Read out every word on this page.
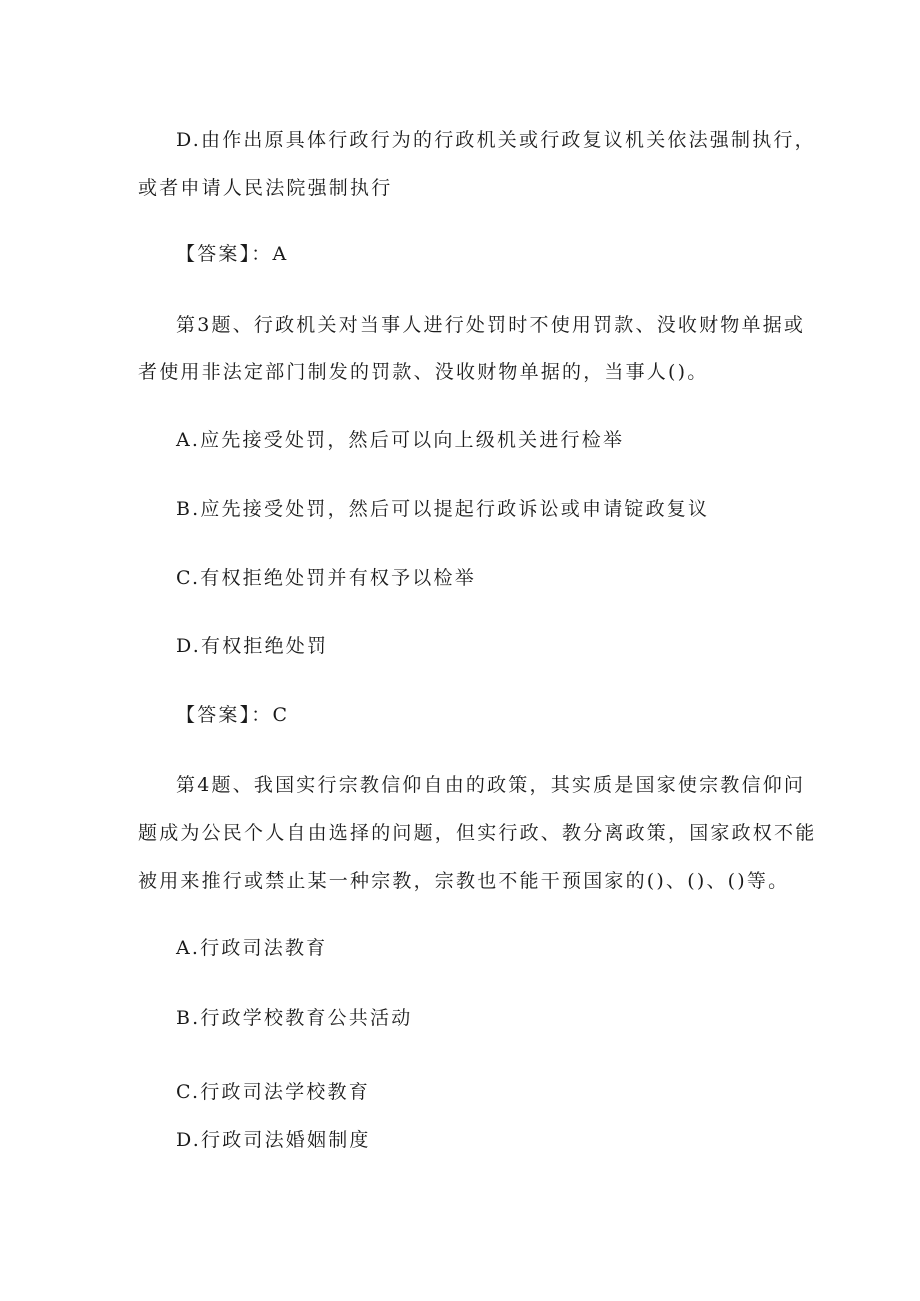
D.由作出原具体行政行为的行政机关或行政复议机关依法强制执行，
或者申请人民法院强制执行
【答案】：A
第3题、行政机关对当事人进行处罚时不使用罚款、没收财物单据或
者使用非法定部门制发的罚款、没收财物单据的，当事人()。
A.应先接受处罚，然后可以向上级机关进行检举
B.应先接受处罚，然后可以提起行政诉讼或申请锭政复议
C.有权拒绝处罚并有权予以检举
D.有权拒绝处罚
【答案】：C
第4题、我国实行宗教信仰自由的政策，其实质是国家使宗教信仰问
题成为公民个人自由选择的问题，但实行政、教分离政策，国家政权不能
被用来推行或禁止某一种宗教，宗教也不能干预国家的()、()、()等。
A.行政司法教育
B.行政学校教育公共活动
C.行政司法学校教育
D.行政司法婚姻制度
